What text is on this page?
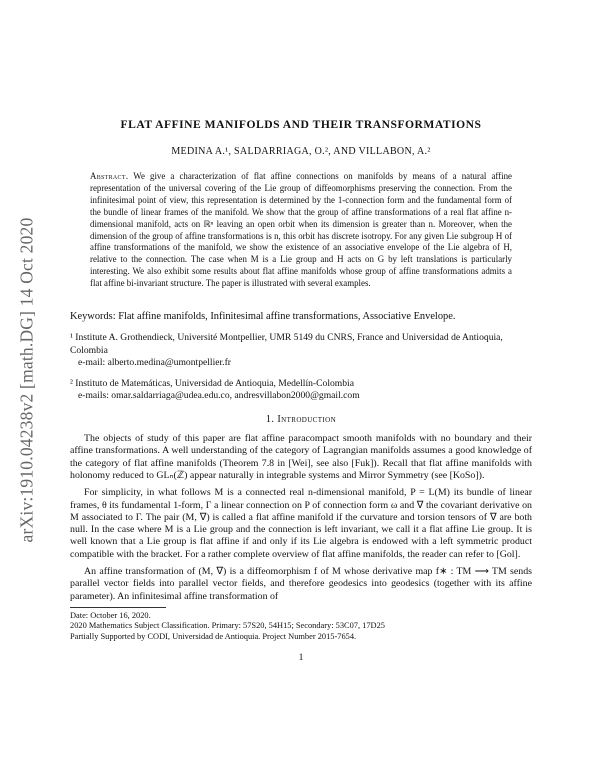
arXiv:1910.04238v2 [math.DG] 14 Oct 2020
FLAT AFFINE MANIFOLDS AND THEIR TRANSFORMATIONS
MEDINA A.¹, SALDARRIAGA, O.², AND VILLABON, A.²
Abstract. We give a characterization of flat affine connections on manifolds by means of a natural affine representation of the universal covering of the Lie group of diffeomorphisms preserving the connection. From the infinitesimal point of view, this representation is determined by the 1-connection form and the fundamental form of the bundle of linear frames of the manifold. We show that the group of affine transformations of a real flat affine n-dimensional manifold, acts on ℝⁿ leaving an open orbit when its dimension is greater than n. Moreover, when the dimension of the group of affine transformations is n, this orbit has discrete isotropy. For any given Lie subgroup H of affine transformations of the manifold, we show the existence of an associative envelope of the Lie algebra of H, relative to the connection. The case when M is a Lie group and H acts on G by left translations is particularly interesting. We also exhibit some results about flat affine manifolds whose group of affine transformations admits a flat affine bi-invariant structure. The paper is illustrated with several examples.
Keywords: Flat affine manifolds, Infinitesimal affine transformations, Associative Envelope.
¹ Institute A. Grothendieck, Université Montpellier, UMR 5149 du CNRS, France and Universidad de Antioquia, Colombia
e-mail: alberto.medina@umontpellier.fr
² Instituto de Matemáticas, Universidad de Antioquia, Medellín-Colombia
e-mails: omar.saldarriaga@udea.edu.co, andresvillabon2000@gmail.com
1. Introduction

The objects of study of this paper are flat affine paracompact smooth manifolds with no boundary and their affine transformations. A well understanding of the category of Lagrangian manifolds assumes a good knowledge of the category of flat affine manifolds (Theorem 7.8 in [Wei], see also [Fuk]). Recall that flat affine manifolds with holonomy reduced to GLₙ(ℤ) appear naturally in integrable systems and Mirror Symmetry (see [KoSo]).

For simplicity, in what follows M is a connected real n-dimensional manifold, P = L(M) its bundle of linear frames, θ its fundamental 1-form, Γ a linear connection on P of connection form ω and ∇ the covariant derivative on M associated to Γ. The pair (M, ∇) is called a flat affine manifold if the curvature and torsion tensors of ∇ are both null. In the case where M is a Lie group and the connection is left invariant, we call it a flat affine Lie group. It is well known that a Lie group is flat affine if and only if its Lie algebra is endowed with a left symmetric product compatible with the bracket. For a rather complete overview of flat affine manifolds, the reader can refer to [Gol].

An affine transformation of (M, ∇) is a diffeomorphism f of M whose derivative map f∗ : TM ⟶ TM sends parallel vector fields into parallel vector fields, and therefore geodesics into geodesics (together with its affine parameter). An infinitesimal affine transformation of

Date: October 16, 2020.
2020 Mathematics Subject Classification. Primary: 57S20, 54H15; Secondary: 53C07, 17D25
Partially Supported by CODI, Universidad de Antioquia. Project Number 2015-7654.
1
